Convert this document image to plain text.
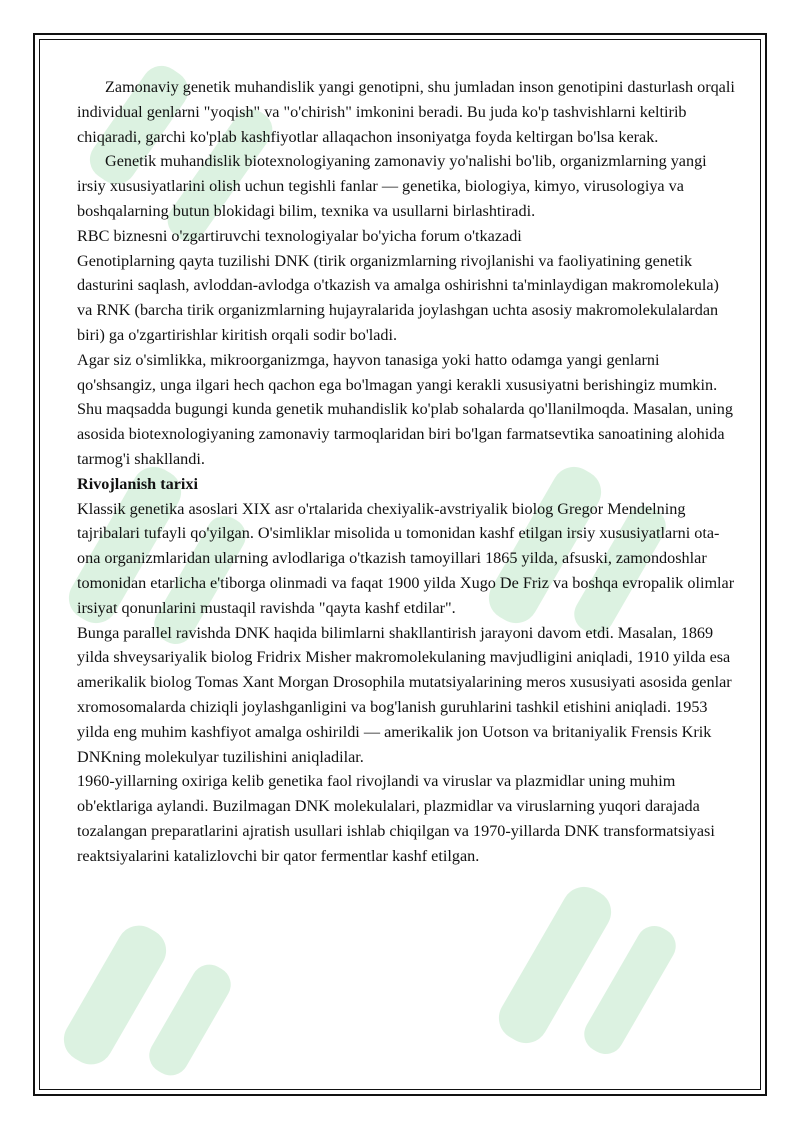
Zamonaviy genetik muhandislik yangi genotipni, shu jumladan inson genotipini dasturlash orqali individual genlarni "yoqish" va "o'chirish" imkonini beradi. Bu juda ko'p tashvishlarni keltirib chiqaradi, garchi ko'plab kashfiyotlar allaqachon insoniyatga foyda keltirgan bo'lsa kerak.

Genetik muhandislik biotexnologiyaning zamonaviy yo'nalishi bo'lib, organizmlarning yangi irsiy xususiyatlarini olish uchun tegishli fanlar — genetika, biologiya, kimyo, virusologiya va boshqalarning butun blokidagi bilim, texnika va usullarni birlashtiradi.

RBC biznesni o'zgartiruvchi texnologiyalar bo'yicha forum o'tkazadi

Genotiplarning qayta tuzilishi DNK (tirik organizmlarning rivojlanishi va faoliyatining genetik dasturini saqlash, avloddan-avlodga o'tkazish va amalga oshirishni ta'minlaydigan makromolekula) va RNK (barcha tirik organizmlarning hujayralarida joylashgan uchta asosiy makromolekulalardan biri) ga o'zgartirishlar kiritish orqali sodir bo'ladi.

Agar siz o'simlikka, mikroorganizmga, hayvon tanasiga yoki hatto odamga yangi genlarni qo'shsangiz, unga ilgari hech qachon ega bo'lmagan yangi kerakli xususiyatni berishingiz mumkin. Shu maqsadda bugungi kunda genetik muhandislik ko'plab sohalarda qo'llanilmoqda. Masalan, uning asosida biotexnologiyaning zamonaviy tarmoqlaridan biri bo'lgan farmatsevtika sanoatining alohida tarmog'i shakllandi.

Rivojlanish tarixi

Klassik genetika asoslari XIX asr o'rtalarida chexiyalik-avstriyalik biolog Gregor Mendelning tajribalari tufayli qo'yilgan. O'simliklar misolida u tomonidan kashf etilgan irsiy xususiyatlarni ota-ona organizmlaridan ularning avlodlariga o'tkazish tamoyillari 1865 yilda, afsuski, zamondoshlar tomonidan etarlicha e'tiborga olinmadi va faqat 1900 yilda Xugo De Friz va boshqa evropalik olimlar irsiyat qonunlarini mustaqil ravishda "qayta kashf etdilar".

Bunga parallel ravishda DNK haqida bilimlarni shakllantirish jarayoni davom etdi. Masalan, 1869 yilda shveysariyalik biolog Fridrix Misher makromolekulaning mavjudligini aniqladi, 1910 yilda esa amerikalik biolog Tomas Xant Morgan Drosophila mutatsiyalarining meros xususiyati asosida genlar xromosomalarda chiziqli joylashganligini va bog'lanish guruhlarini tashkil etishini aniqladi. 1953 yilda eng muhim kashfiyot amalga oshirildi — amerikalik jon Uotson va britaniyalik Frensis Krik DNKning molekulyar tuzilishini aniqladilar.

1960-yillarning oxiriga kelib genetika faol rivojlandi va viruslar va plazmidlar uning muhim ob'ektlariga aylandi. Buzilmagan DNK molekulalari, plazmidlar va viruslarning yuqori darajada tozalangan preparatlarini ajratish usullari ishlab chiqilgan va 1970-yillarda DNK transformatsiyasi reaktsiyalarini katalizlovchi bir qator fermentlar kashf etilgan.
